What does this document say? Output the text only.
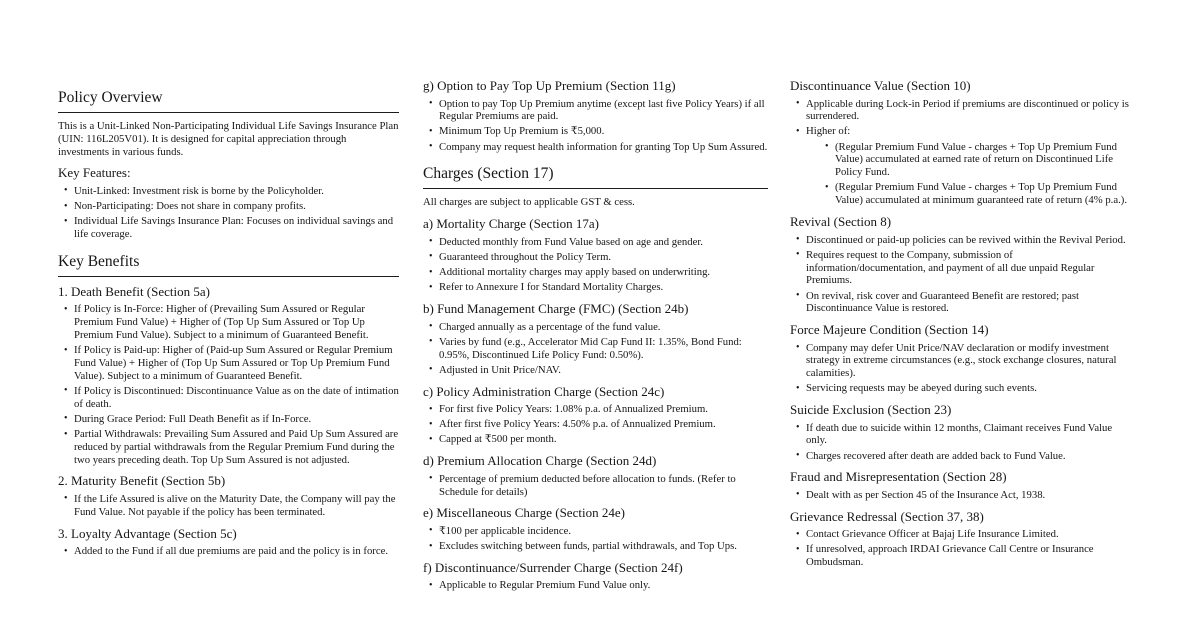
Policy Overview
This is a Unit-Linked Non-Participating Individual Life Savings Insurance Plan (UIN: 116L205V01). It is designed for capital appreciation through investments in various funds.
Key Features:
• Unit-Linked: Investment risk is borne by the Policyholder.
• Non-Participating: Does not share in company profits.
• Individual Life Savings Insurance Plan: Focuses on individual savings and life coverage.
Key Benefits
1. Death Benefit (Section 5a)
• If Policy is In-Force: Higher of (Prevailing Sum Assured or Regular Premium Fund Value) + Higher of (Top Up Sum Assured or Top Up Premium Fund Value). Subject to a minimum of Guaranteed Benefit.
• If Policy is Paid-up: Higher of (Paid-up Sum Assured or Regular Premium Fund Value) + Higher of (Top Up Sum Assured or Top Up Premium Fund Value). Subject to a minimum of Guaranteed Benefit.
• If Policy is Discontinued: Discontinuance Value as on the date of intimation of death.
• During Grace Period: Full Death Benefit as if In-Force.
• Partial Withdrawals: Prevailing Sum Assured and Paid Up Sum Assured are reduced by partial withdrawals from the Regular Premium Fund during the two years preceding death. Top Up Sum Assured is not adjusted.
2. Maturity Benefit (Section 5b)
• If the Life Assured is alive on the Maturity Date, the Company will pay the Fund Value. Not payable if the policy has been terminated.
3. Loyalty Advantage (Section 5c)
• Added to the Fund if all due premiums are paid and the policy is in force.
g) Option to Pay Top Up Premium (Section 11g)
• Option to pay Top Up Premium anytime (except last five Policy Years) if all Regular Premiums are paid.
• Minimum Top Up Premium is ₹5,000.
• Company may request health information for granting Top Up Sum Assured.
Charges (Section 17)
All charges are subject to applicable GST & cess.
a) Mortality Charge (Section 17a)
• Deducted monthly from Fund Value based on age and gender.
• Guaranteed throughout the Policy Term.
• Additional mortality charges may apply based on underwriting.
• Refer to Annexure I for Standard Mortality Charges.
b) Fund Management Charge (FMC) (Section 24b)
• Charged annually as a percentage of the fund value.
• Varies by fund (e.g., Accelerator Mid Cap Fund II: 1.35%, Bond Fund: 0.95%, Discontinued Life Policy Fund: 0.50%).
• Adjusted in Unit Price/NAV.
c) Policy Administration Charge (Section 24c)
• For first five Policy Years: 1.08% p.a. of Annualized Premium.
• After first five Policy Years: 4.50% p.a. of Annualized Premium.
• Capped at ₹500 per month.
d) Premium Allocation Charge (Section 24d)
• Percentage of premium deducted before allocation to funds. (Refer to Schedule for details)
e) Miscellaneous Charge (Section 24e)
• ₹100 per applicable incidence.
• Excludes switching between funds, partial withdrawals, and Top Ups.
f) Discontinuance/Surrender Charge (Section 24f)
• Applicable to Regular Premium Fund Value only.
Discontinuance Value (Section 10)
• Applicable during Lock-in Period if premiums are discontinued or policy is surrendered.
• Higher of:
• (Regular Premium Fund Value - charges + Top Up Premium Fund Value) accumulated at earned rate of return on Discontinued Life Policy Fund.
• (Regular Premium Fund Value - charges + Top Up Premium Fund Value) accumulated at minimum guaranteed rate of return (4% p.a.).
Revival (Section 8)
• Discontinued or paid-up policies can be revived within the Revival Period.
• Requires request to the Company, submission of information/documentation, and payment of all due unpaid Regular Premiums.
• On revival, risk cover and Guaranteed Benefit are restored; past Discontinuance Value is restored.
Force Majeure Condition (Section 14)
• Company may defer Unit Price/NAV declaration or modify investment strategy in extreme circumstances (e.g., stock exchange closures, natural calamities).
• Servicing requests may be abeyed during such events.
Suicide Exclusion (Section 23)
• If death due to suicide within 12 months, Claimant receives Fund Value only.
• Charges recovered after death are added back to Fund Value.
Fraud and Misrepresentation (Section 28)
• Dealt with as per Section 45 of the Insurance Act, 1938.
Grievance Redressal (Section 37, 38)
• Contact Grievance Officer at Bajaj Life Insurance Limited.
• If unresolved, approach IRDAI Grievance Call Centre or Insurance Ombudsman.
